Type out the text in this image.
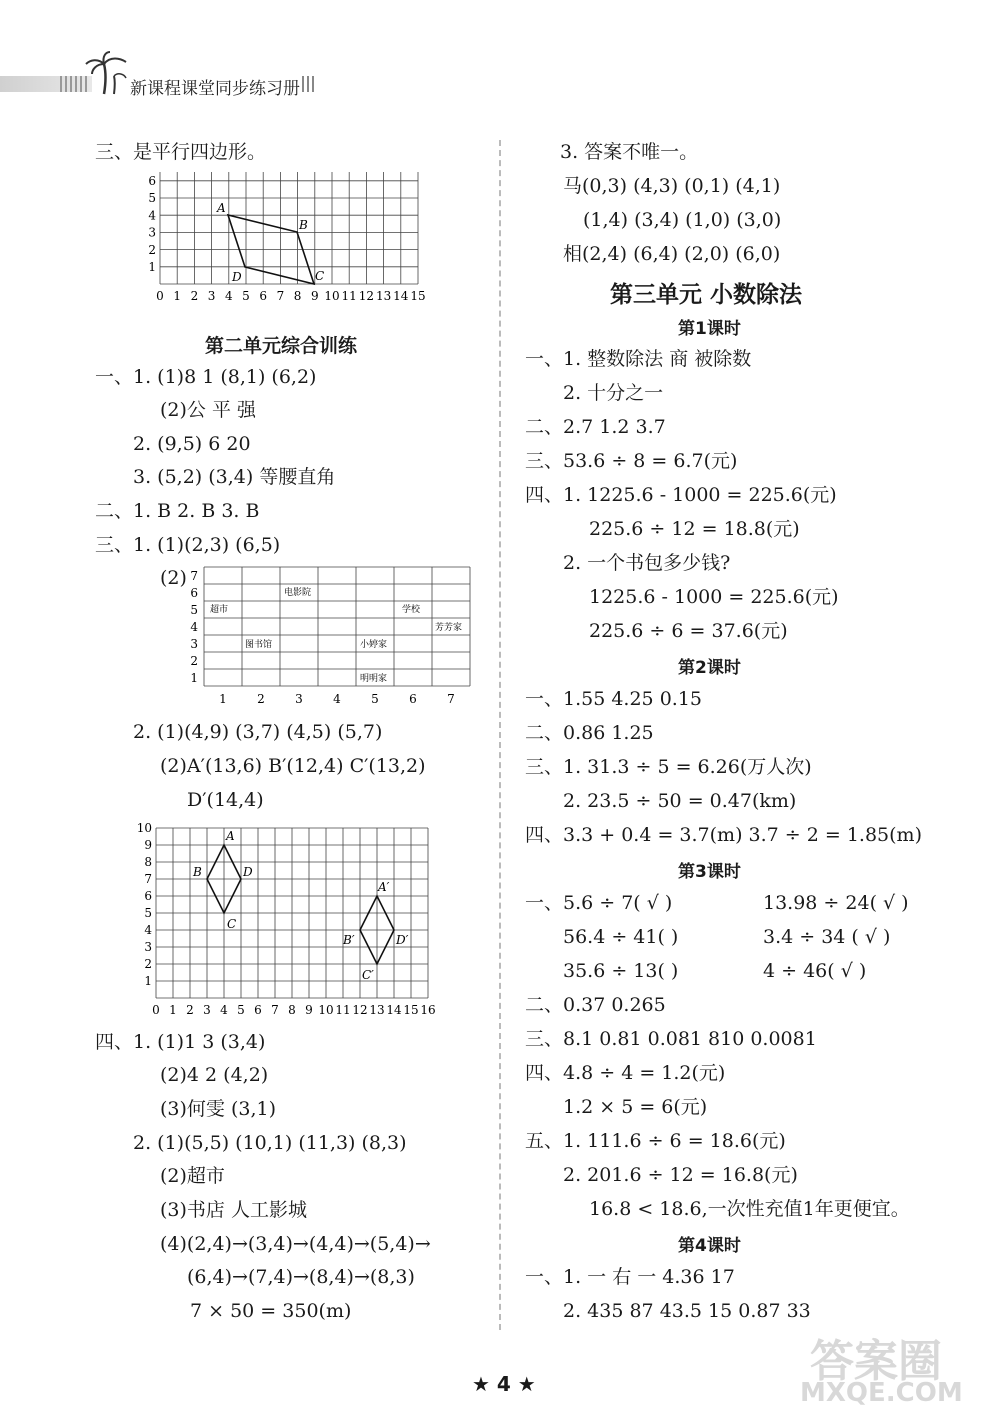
新课程课堂同步练习册
三、是平行四边形。
6
5
4
3
2
1
0 1 2 3 4 5 6 7 8 9 10 11 12 13 14 15
A
B
C
D
第二单元综合训练
一、1. (1)8 1 (8,1) (6,2)
(2)公 平 强
2. (9,5) 6 20
3. (5,2) (3,4) 等腰直角
二、1. B 2. B 3. B
三、1. (1)(2,3) (6,5)
(2) 7
6
5
4
3
2
1
1	2	3	4	5	6	7
超市
电影院
学校
芳芳家
图书馆	小婷家
明明家
2. (1)(4,9) (3,7) (4,5) (5,7)
(2)A′(13,6) B′(12,4) C′(13,2)
D′(14,4)
10
9
8
7
6
5
4
3
2
1
0 1 2 3 4 5 6 7 8 9 10 11 12 13 14 15 16
A
B
C
D
A′
B′
C′
D′
四、1. (1)1 3 (3,4)
(2)4 2 (4,2)
(3)何雯 (3,1)
2. (1)(5,5) (10,1) (11,3) (8,3)
(2)超市
(3)书店 人工影城
(4)(2,4)→(3,4)→(4,4)→(5,4)→
(6,4)→(7,4)→(8,4)→(8,3)
7 × 50 = 350(m)
3. 答案不唯一。
马(0,3) (4,3) (0,1) (4,1)
(1,4) (3,4) (1,0) (3,0)
相(2,4) (6,4) (2,0) (6,0)
第三单元 小数除法
第1课时
一、1. 整数除法 商 被除数
2. 十分之一
二、2.7 1.2 3.7
三、53.6 ÷ 8 = 6.7(元)
四、1. 1225.6 - 1000 = 225.6(元)
225.6 ÷ 12 = 18.8(元)
2. 一个书包多少钱?
1225.6 - 1000 = 225.6(元)
225.6 ÷ 6 = 37.6(元)
第2课时
一、1.55 4.25 0.15
二、0.86 1.25
三、1. 31.3 ÷ 5 = 6.26(万人次)
2. 23.5 ÷ 50 = 0.47(km)
四、3.3 + 0.4 = 3.7(m) 3.7 ÷ 2 = 1.85(m)
第3课时
一、5.6 ÷ 7( √ )	13.98 ÷ 24( √ )
56.4 ÷ 41( )	3.4 ÷ 34 ( √ )
35.6 ÷ 13( )	4 ÷ 46( √ )
二、0.37 0.265
三、8.1 0.81 0.081 810 0.0081
四、4.8 ÷ 4 = 1.2(元)
1.2 × 5 = 6(元)
五、1. 111.6 ÷ 6 = 18.6(元)
2. 201.6 ÷ 12 = 16.8(元)
16.8 < 18.6,一次性充值1年更便宜。
第4课时
一、1. 一 右 一 4.36 17
2. 435 87 43.5 15 0.87 33
★ 4 ★	答案圈
MXQE.COM
